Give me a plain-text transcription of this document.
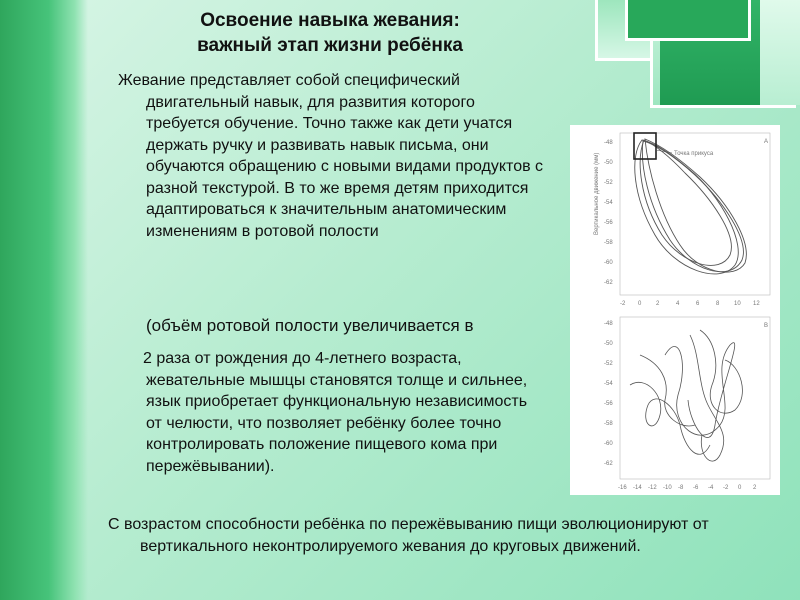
Освоение навыка жевания:
важный этап жизни ребёнка
Жевание представляет собой специфический двигательный навык, для развития которого требуется обучение. Точно также как дети учатся держать ручку и развивать навык письма, они обучаются обращению с новыми видами продуктов с разной текстурой. В то же время детям приходится адаптироваться к значительным анатомическим изменениям в ротовой полости
(объём ротовой полости увеличивается в
2 раза от рождения до 4-летнего возраста, жевательные мышцы становятся толще и сильнее, язык приобретает функциональную независимость от челюсти, что позволяет ребёнку более точно контролировать положение пищевого кома при пережёвывании).
С возрастом способности ребёнка по пережёвыванию пищи эволюционируют от вертикального неконтролируемого жевания до круговых движений.
A
Точка прикуса
Вертикальное движение (мм)
-48
-50
-52
-54
-56
-58
-60
-62
-2 0 2	4	6	8 10 12
B
-48
-50
-52
-54
-56
-58
-60
-62
-16 -14 -12 -10 -8 -6 -4 -2 0 2
